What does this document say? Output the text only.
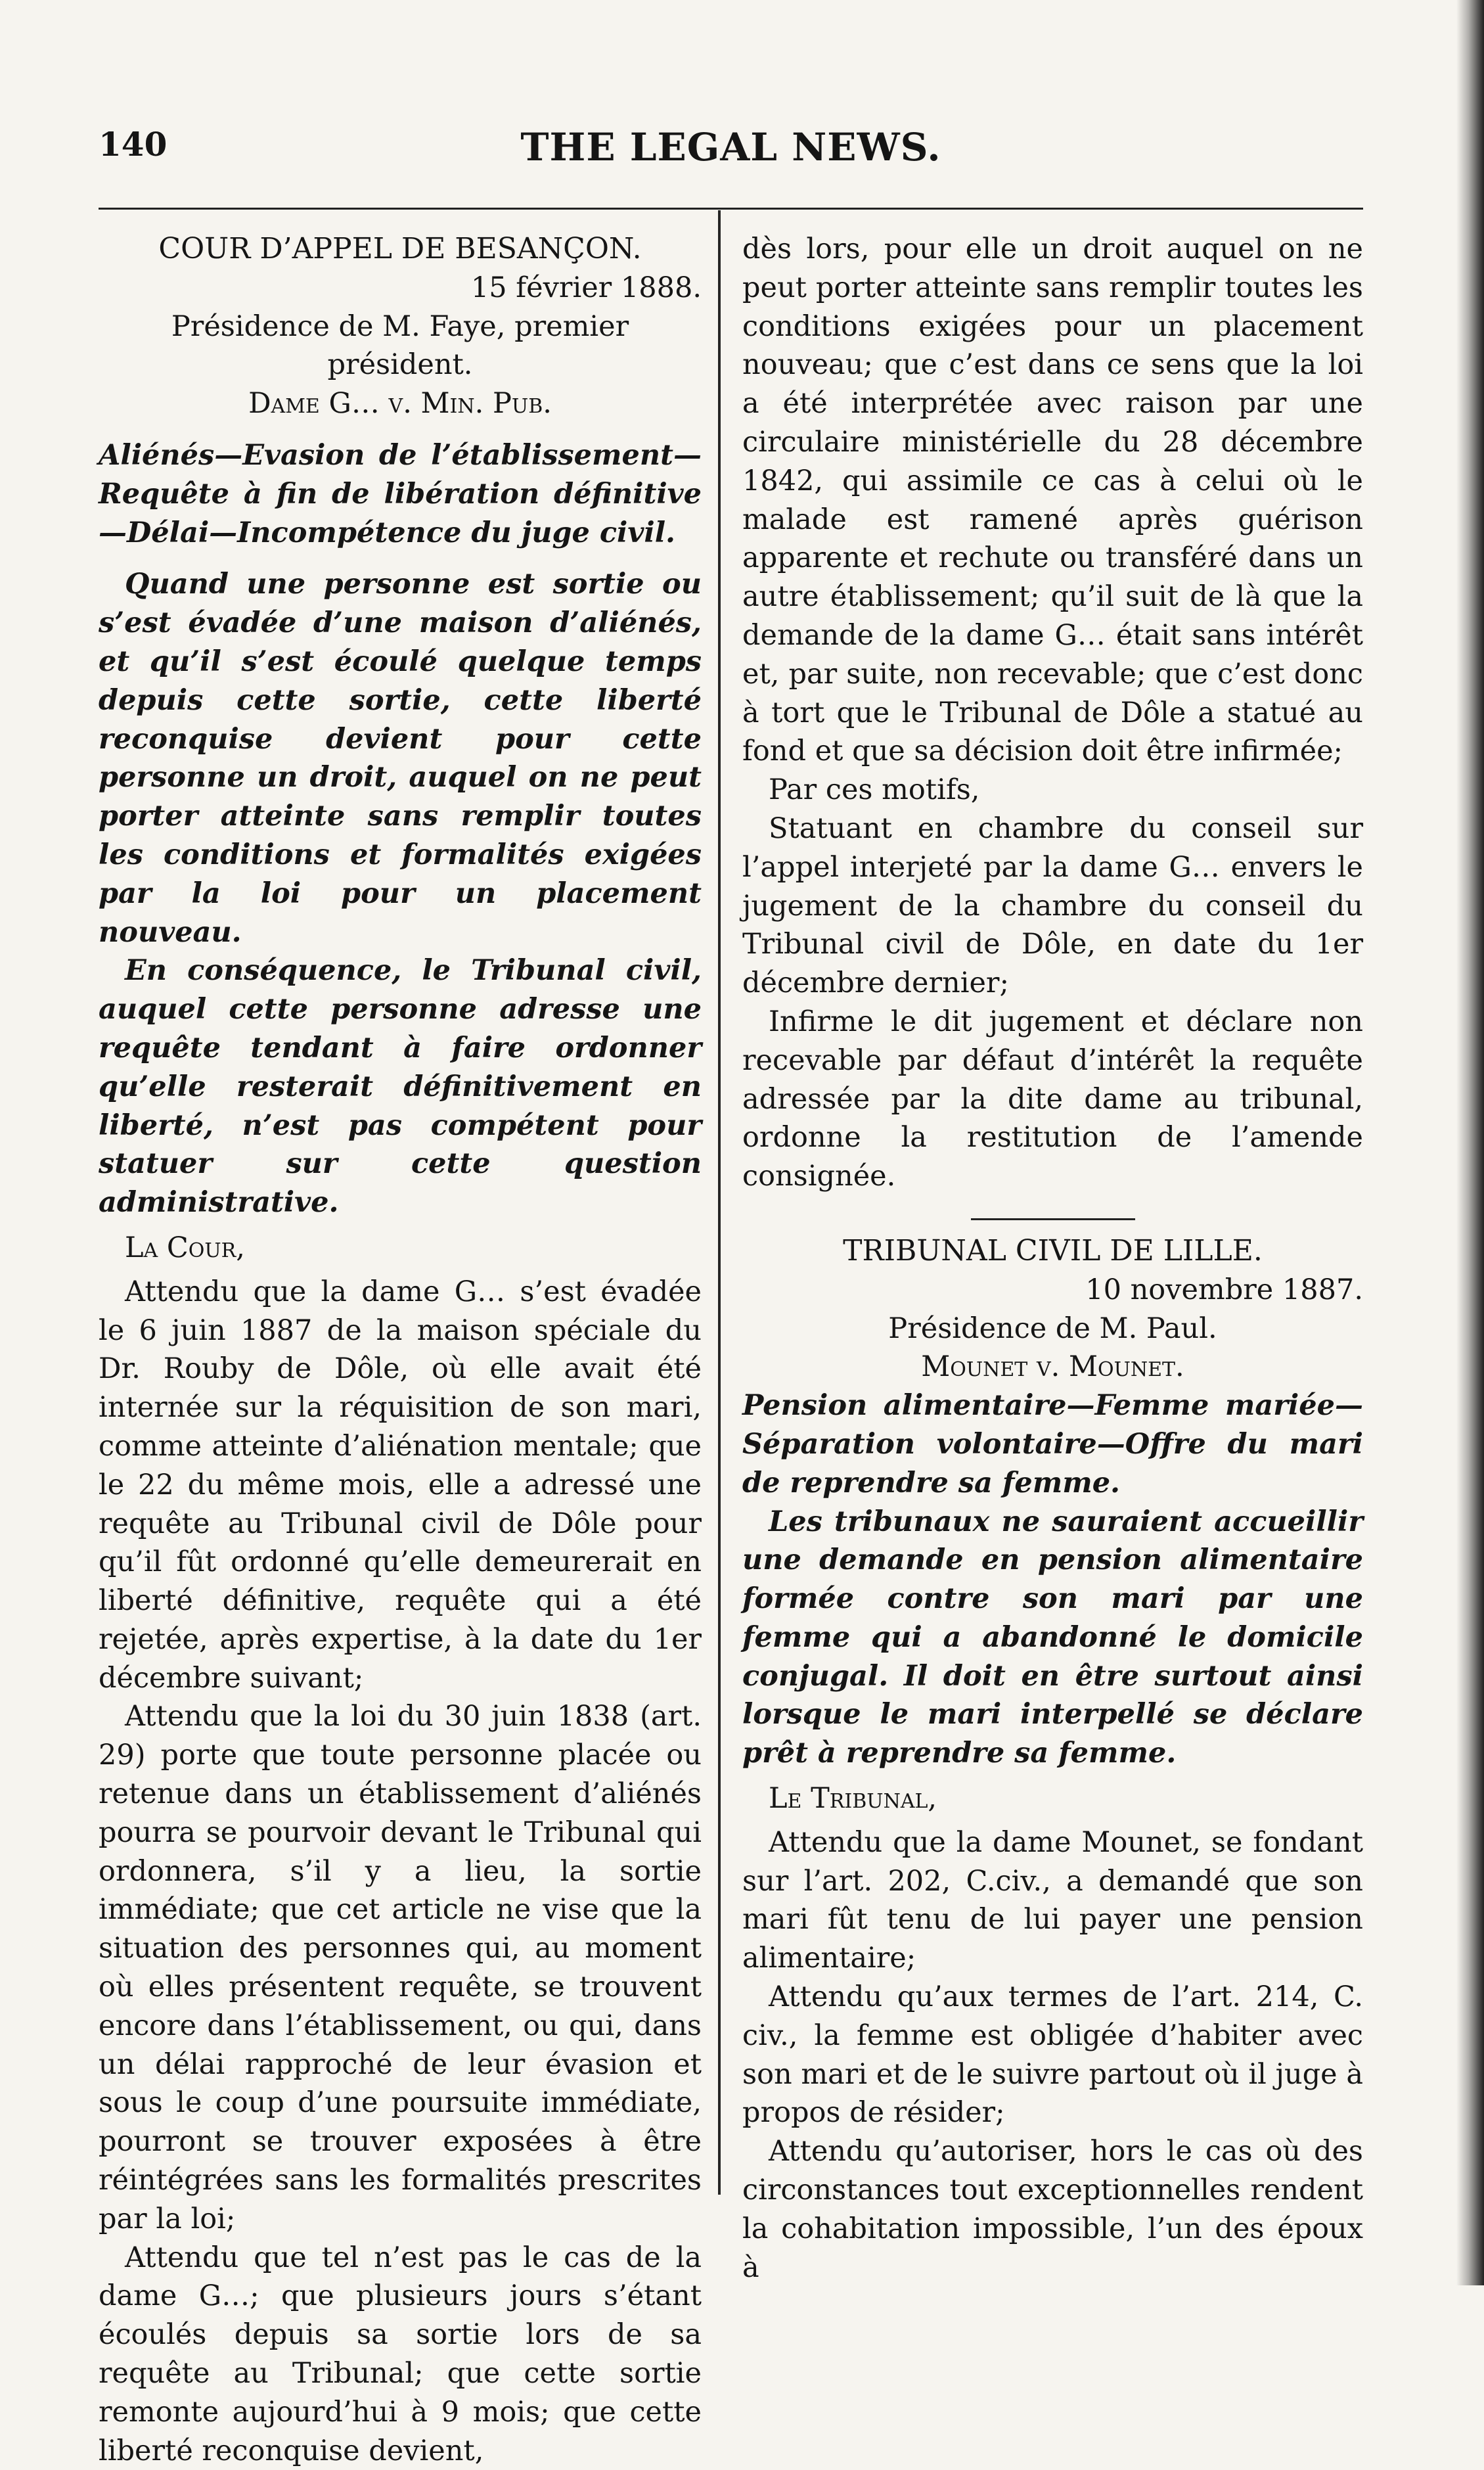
140	THE LEGAL NEWS.

COUR D’APPEL DE BESANÇON.

15 février 1888.

Présidence de M. Faye, premier président.

Dame G… v. Min. Pub.

Aliénés—Evasion de l’établissement—Requête à fin de libération définitive—Délai—Incompétence du juge civil.

Quand une personne est sortie ou s’est évadée d’une maison d’aliénés, et qu’il s’est écoulé quelque temps depuis cette sortie, cette liberté reconquise devient pour cette personne un droit, auquel on ne peut porter atteinte sans remplir toutes les conditions et formalités exigées par la loi pour un placement nouveau.

En conséquence, le Tribunal civil, auquel cette personne adresse une requête tendant à faire ordonner qu’elle resterait définitivement en liberté, n’est pas compétent pour statuer sur cette question administrative.

La Cour,

Attendu que la dame G… s’est évadée le 6 juin 1887 de la maison spéciale du Dr. Rouby de Dôle, où elle avait été internée sur la réquisition de son mari, comme atteinte d’aliénation mentale; que le 22 du même mois, elle a adressé une requête au Tribunal civil de Dôle pour qu’il fût ordonné qu’elle demeurerait en liberté définitive, requête qui a été rejetée, après expertise, à la date du 1er décembre suivant;

Attendu que la loi du 30 juin 1838 (art. 29) porte que toute personne placée ou retenue dans un établissement d’aliénés pourra se pourvoir devant le Tribunal qui ordonnera, s’il y a lieu, la sortie immédiate; que cet article ne vise que la situation des personnes qui, au moment où elles présentent requête, se trouvent encore dans l’établissement, ou qui, dans un délai rapproché de leur évasion et sous le coup d’une poursuite immédiate, pourront se trouver exposées à être réintégrées sans les formalités prescrites par la loi;

Attendu que tel n’est pas le cas de la dame G…; que plusieurs jours s’étant écoulés depuis sa sortie lors de sa requête au Tribunal; que cette sortie remonte aujourd’hui à 9 mois; que cette liberté reconquise devient,

dès lors, pour elle un droit auquel on ne peut porter atteinte sans remplir toutes les conditions exigées pour un placement nouveau; que c’est dans ce sens que la loi a été interprétée avec raison par une circulaire ministérielle du 28 décembre 1842, qui assimile ce cas à celui où le malade est ramené après guérison apparente et rechute ou transféré dans un autre établissement; qu’il suit de là que la demande de la dame G… était sans intérêt et, par suite, non recevable; que c’est donc à tort que le Tribunal de Dôle a statué au fond et que sa décision doit être infirmée;

Par ces motifs,

Statuant en chambre du conseil sur l’appel interjeté par la dame G… envers le jugement de la chambre du conseil du Tribunal civil de Dôle, en date du 1er décembre dernier;

Infirme le dit jugement et déclare non recevable par défaut d’intérêt la requête adressée par la dite dame au tribunal, ordonne la restitution de l’amende consignée.

TRIBUNAL CIVIL DE LILLE.

10 novembre 1887.

Présidence de M. Paul.

Mounet v. Mounet.

Pension alimentaire—Femme mariée—Séparation volontaire—Offre du mari de reprendre sa femme.

Les tribunaux ne sauraient accueillir une demande en pension alimentaire formée contre son mari par une femme qui a abandonné le domicile conjugal. Il doit en être surtout ainsi lorsque le mari interpellé se déclare prêt à reprendre sa femme.

Le Tribunal,

Attendu que la dame Mounet, se fondant sur l’art. 202, C.civ., a demandé que son mari fût tenu de lui payer une pension alimentaire;

Attendu qu’aux termes de l’art. 214, C. civ., la femme est obligée d’habiter avec son mari et de le suivre partout où il juge à propos de résider;

Attendu qu’autoriser, hors le cas où des circonstances tout exceptionnelles rendent la cohabitation impossible, l’un des époux à
